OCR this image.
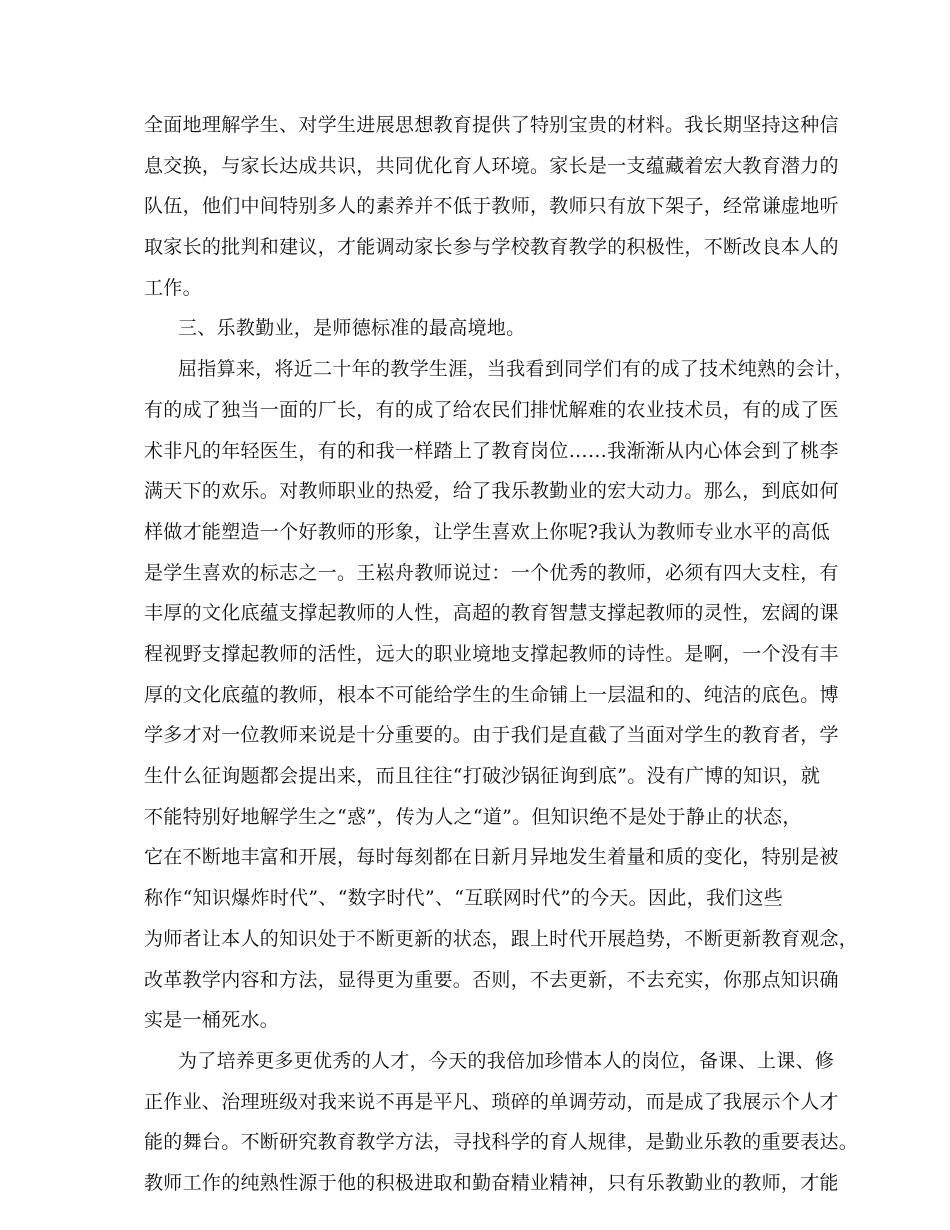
全面地理解学生、对学生进展思想教育提供了特别宝贵的材料。我长期坚持这种信
息交换，与家长达成共识，共同优化育人环境。家长是一支蕴藏着宏大教育潜力的
队伍，他们中间特别多人的素养并不低于教师，教师只有放下架子，经常谦虚地听
取家长的批判和建议，才能调动家长参与学校教育教学的积极性，不断改良本人的
工作。
三、乐教勤业，是师德标准的最高境地。
屈指算来，将近二十年的教学生涯，当我看到同学们有的成了技术纯熟的会计，
有的成了独当一面的厂长，有的成了给农民们排忧解难的农业技术员，有的成了医
术非凡的年轻医生，有的和我一样踏上了教育岗位……我渐渐从内心体会到了桃李
满天下的欢乐。对教师职业的热爱，给了我乐教勤业的宏大动力。那么，到底如何
样做才能塑造一个好教师的形象，让学生喜欢上你呢?我认为教师专业水平的高低
是学生喜欢的标志之一。王崧舟教师说过：一个优秀的教师，必须有四大支柱，有
丰厚的文化底蕴支撑起教师的人性，高超的教育智慧支撑起教师的灵性，宏阔的课
程视野支撑起教师的活性，远大的职业境地支撑起教师的诗性。是啊，一个没有丰
厚的文化底蕴的教师，根本不可能给学生的生命铺上一层温和的、纯洁的底色。博
学多才对一位教师来说是十分重要的。由于我们是直截了当面对学生的教育者，学
生什么征询题都会提出来，而且往往“打破沙锅征询到底”。没有广博的知识，就
不能特别好地解学生之“惑”，传为人之“道”。但知识绝不是处于静止的状态，
它在不断地丰富和开展，每时每刻都在日新月异地发生着量和质的变化，特别是被
称作“知识爆炸时代”、“数字时代”、“互联网时代”的今天。因此，我们这些
为师者让本人的知识处于不断更新的状态，跟上时代开展趋势，不断更新教育观念，
改革教学内容和方法，显得更为重要。否则，不去更新，不去充实，你那点知识确
实是一桶死水。
为了培养更多更优秀的人才，今天的我倍加珍惜本人的岗位，备课、上课、修
正作业、治理班级对我来说不再是平凡、琐碎的单调劳动，而是成了我展示个人才
能的舞台。不断研究教育教学方法，寻找科学的育人规律，是勤业乐教的重要表达。
教师工作的纯熟性源于他的积极进取和勤奋精业精神，只有乐教勤业的教师，才能
